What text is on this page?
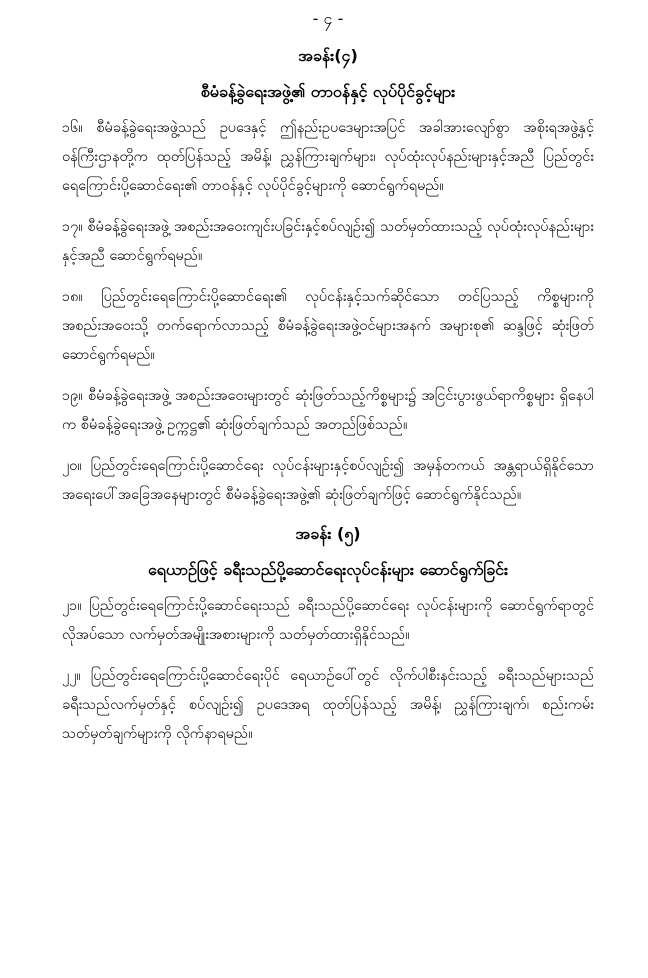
- ၄ -
အခန်း(၄)
စီမံခန့်ခွဲရေးအဖွဲ့၏ တာဝန်နှင့် လုပ်ပိုင်ခွင့်များ

၁၆။ စီမံခန့်ခွဲရေးအဖွဲ့သည် ဥပဒေနှင့် ဤနည်းဥပဒေများအပြင် အခါအားလျော်စွာ အစိုးရအဖွဲ့နှင့် ဝန်ကြီးဌာနတို့က ထုတ်ပြန်သည့် အမိန့်၊ ညွှန်ကြားချက်များ၊ လုပ်ထုံးလုပ်နည်းများနှင့်အညီ ပြည်တွင်းရေကြောင်းပို့ဆောင်ရေး၏ တာဝန်နှင့် လုပ်ပိုင်ခွင့်များကို ဆောင်ရွက်ရမည်။

၁၇။ စီမံခန့်ခွဲရေးအဖွဲ့ အစည်းအဝေးကျင်းပခြင်းနှင့်စပ်လျဉ်း၍ သတ်မှတ်ထားသည့် လုပ်ထုံးလုပ်နည်းများနှင့်အညီ ဆောင်ရွက်ရမည်။

၁၈။ ပြည်တွင်းရေကြောင်းပို့ဆောင်ရေး၏ လုပ်ငန်းနှင့်သက်ဆိုင်သော တင်ပြသည့် ကိစ္စများကို အစည်းအဝေးသို့ တက်ရောက်လာသည့် စီမံခန့်ခွဲရေးအဖွဲ့ဝင်များအနက် အများစု၏ ဆန္ဒဖြင့် ဆုံးဖြတ်ဆောင်ရွက်ရမည်။

၁၉။ စီမံခန့်ခွဲရေးအဖွဲ့ အစည်းအဝေးများတွင် ဆုံးဖြတ်သည့်ကိစ္စများ၌ အငြင်းပွားဖွယ်ရာကိစ္စများ ရှိနေပါက စီမံခန့်ခွဲရေးအဖွဲ့ ဥက္ကဋ္ဌ၏ ဆုံးဖြတ်ချက်သည် အတည်ဖြစ်သည်။

၂၀။ ပြည်တွင်းရေကြောင်းပို့ဆောင်ရေး လုပ်ငန်းများနှင့်စပ်လျဉ်း၍ အမှန်တကယ် အန္တရာယ်ရှိနိုင်သော အရေးပေါ်အခြေအနေများတွင် စီမံခန့်ခွဲရေးအဖွဲ့၏ ဆုံးဖြတ်ချက်ဖြင့် ဆောင်ရွက်နိုင်သည်။

အခန်း (၅)
ရေယာဉ်ဖြင့် ခရီးသည်ပို့ဆောင်ရေးလုပ်ငန်းများ ဆောင်ရွက်ခြင်း

၂၁။ ပြည်တွင်းရေကြောင်းပို့ဆောင်ရေးသည် ခရီးသည်ပို့ဆောင်ရေး လုပ်ငန်းများကို ဆောင်ရွက်ရာတွင် လိုအပ်သော လက်မှတ်အမျိုးအစားများကို သတ်မှတ်ထားရှိနိုင်သည်။

၂၂။ ပြည်တွင်းရေကြောင်းပို့ဆောင်ရေးပိုင် ရေယာဉ်ပေါ်တွင် လိုက်ပါစီးနင်းသည့် ခရီးသည်များသည် ခရီးသည်လက်မှတ်နှင့် စပ်လျဉ်း၍ ဥပဒေအရ ထုတ်ပြန်သည့် အမိန့်၊ ညွှန်ကြားချက်၊ စည်းကမ်း သတ်မှတ်ချက်များကို လိုက်နာရမည်။
